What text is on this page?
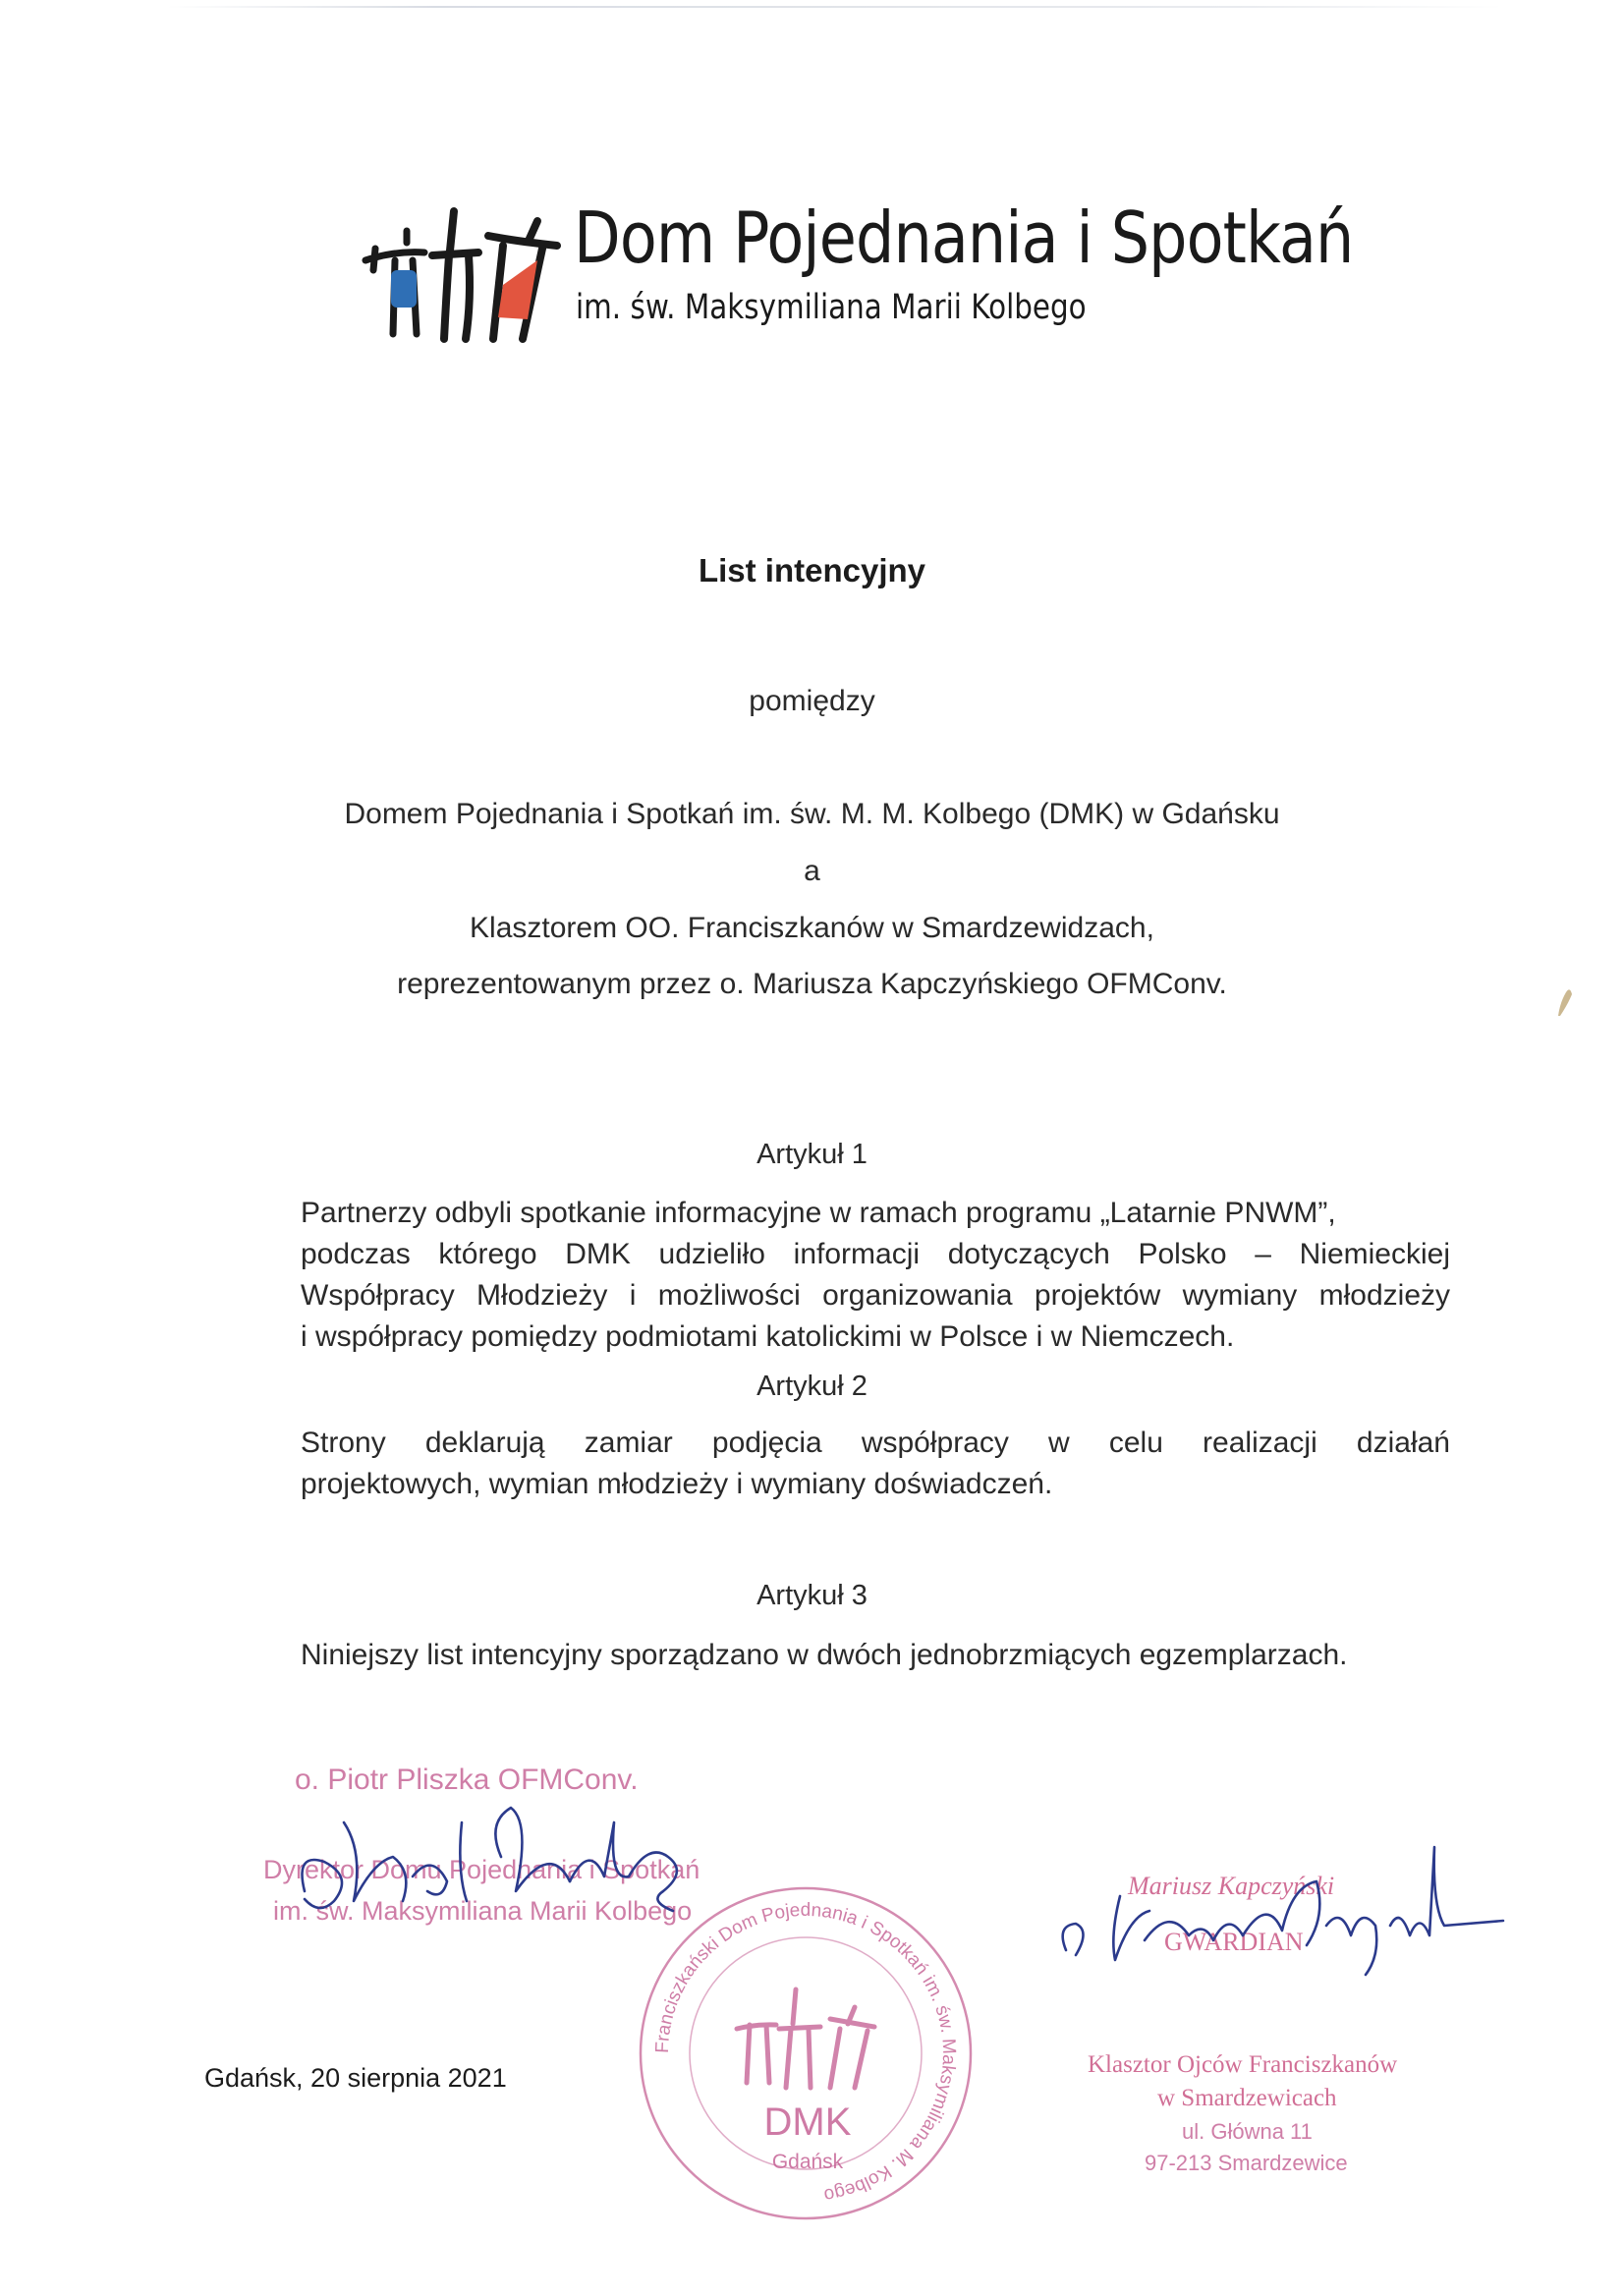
Dom Pojednania i Spotkań
im. św. Maksymiliana Marii Kolbego
List intencyjny
pomiędzy
Domem Pojednania i Spotkań im. św. M. M. Kolbego (DMK) w Gdańsku
a
Klasztorem OO. Franciszkanów w Smardzewidzach,
reprezentowanym przez o. Mariusza Kapczyńskiego OFMConv.
Artykuł 1
Partnerzy odbyli spotkanie informacyjne w ramach programu „Latarnie PNWM”,
podczas którego DMK udzieliło informacji dotyczących Polsko – Niemieckiej
Współpracy Młodzieży i możliwości organizowania projektów wymiany młodzieży
i współpracy pomiędzy podmiotami katolickimi w Polsce i w Niemczech.
Artykuł 2
Strony deklarują zamiar podjęcia współpracy w celu realizacji działań
projektowych, wymian młodzieży i wymiany doświadczeń.
Artykuł 3
Niniejszy list intencyjny sporządzano w dwóch jednobrzmiących egzemplarzach.
o. Piotr Pliszka OFMConv.
Dyrektor Domu Pojednania i Spotkań
im. św. Maksymiliana Marii Kolbego
Franciszkański Dom Pojednania i Spotkań im. św. Maksymiliana M. Kolbego
DMK
Gdańsk
Gdańsk, 20 sierpnia 2021
Mariusz Kapczyński
GWARDIAN
Klasztor Ojców Franciszkanów
w Smardzewicach
ul. Główna 11
97-213 Smardzewice
